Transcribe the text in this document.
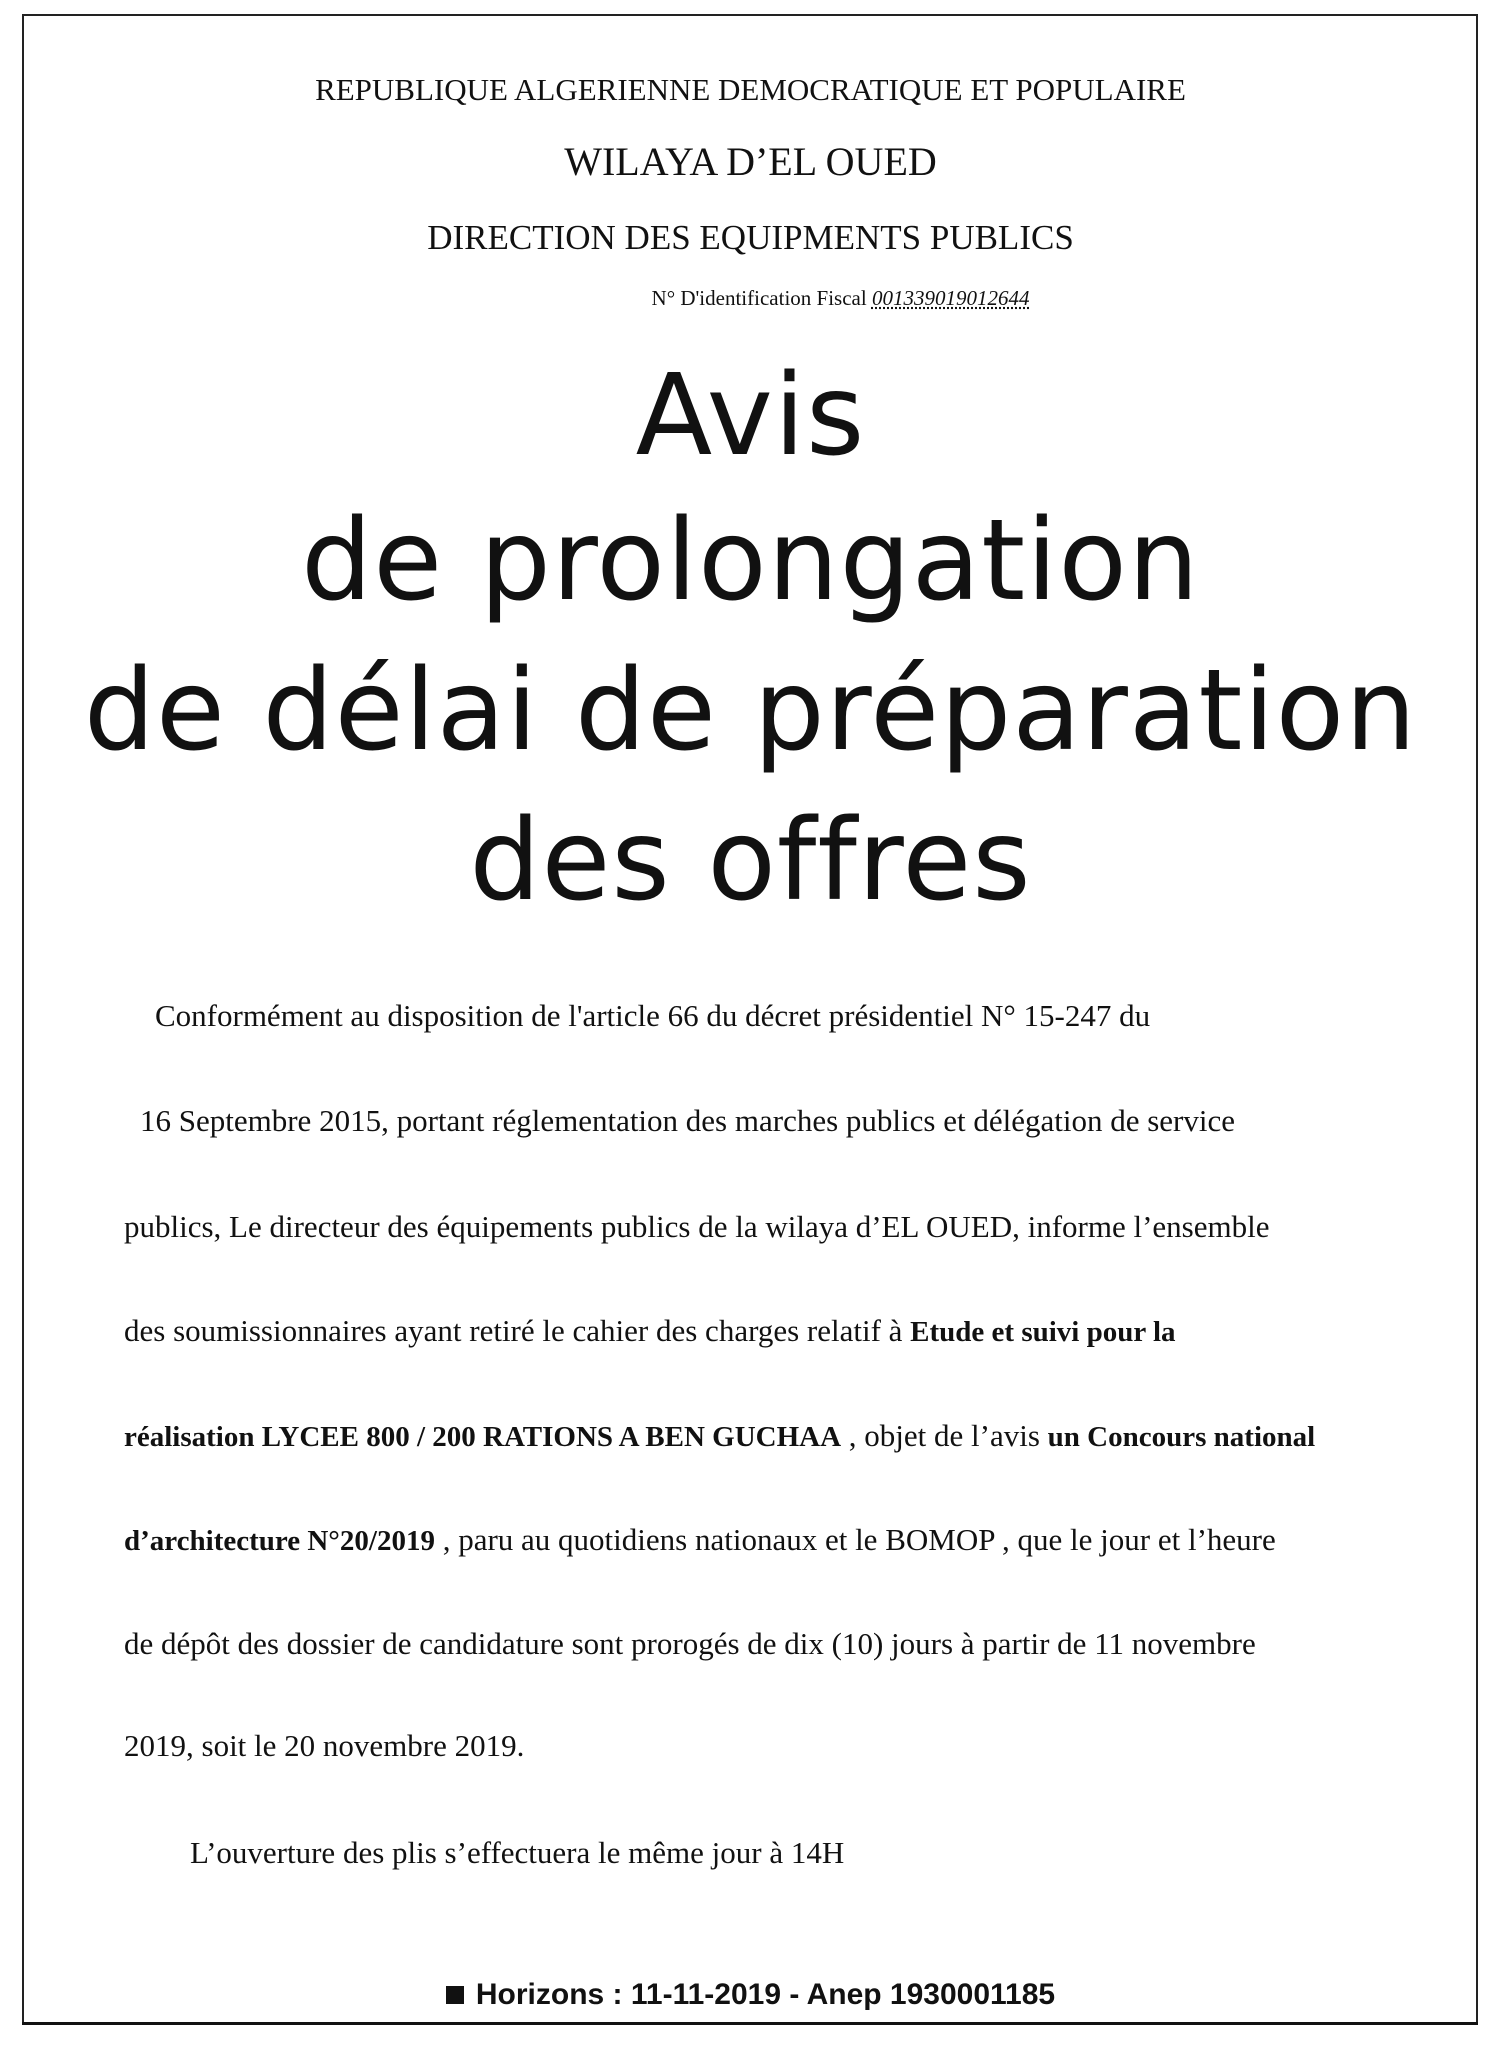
REPUBLIQUE ALGERIENNE DEMOCRATIQUE ET POPULAIRE
WILAYA D’EL OUED
DIRECTION DES EQUIPMENTS PUBLICS
N° D'identification Fiscal 001339019012644
Avis
de prolongation
de délai de préparation
des offres
Conformément au disposition de l'article 66 du décret présidentiel N° 15-247 du
16 Septembre 2015, portant réglementation des marches publics et délégation de service
publics, Le directeur des équipements publics de la wilaya d’EL OUED, informe l’ensemble
des soumissionnaires ayant retiré le cahier des charges relatif à Etude et suivi pour la
réalisation LYCEE 800 / 200 RATIONS A BEN GUCHAA , objet de l’avis un Concours national
d’architecture N°20/2019 , paru au quotidiens nationaux et le BOMOP , que le jour et l’heure
de dépôt des dossier de candidature sont prorogés de dix (10) jours à partir de 11 novembre
2019, soit le 20 novembre 2019.
L’ouverture des plis s’effectuera le même jour à 14H
Horizons : 11-11-2019 - Anep 1930001185
